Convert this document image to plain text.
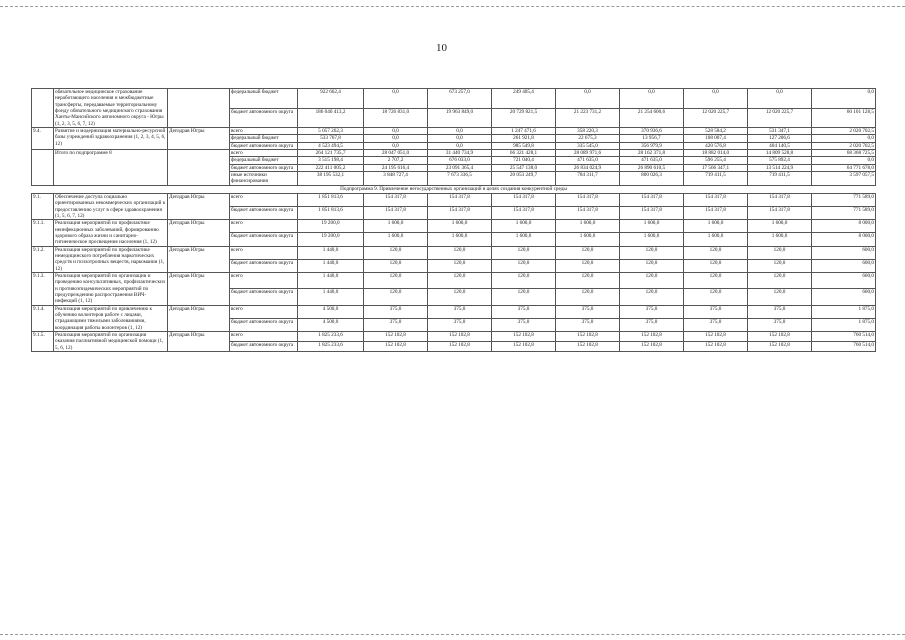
10
	обязательное медицинское страхование неработающего населения и межбюджетные трансферты, передаваемые территориальному фонду обязательного медицинского страхования Ханты-Мансийского автономного округа - Югры (1, 2, 3, 5, 6, 7, 12)		федеральный бюджет	922 662,4	0,0	673 257,0	249 405,4	0,0	0,0	0,0	0,0	0,0
			бюджет автономного округа	186 040 413,2	18 726 831,0	19 963 849,0	20 729 821,5	21 223 731,2	21 254 600,6	12 020 225,7	12 020 225,7	60 101 128,5
9.4.	Развитие и модернизация материально-ресурсной базы учреждений здравоохранения (1, 2, 3, 4, 5, 6, 12)	Депздрав Югры	всего	5 057 262,3	0,0	0,0	1 247 471,6	358 220,3	370 936,6	528 584,2	531 347,1	2 020 702,5
			федеральный бюджет	533 767,8	0,0	0,0	261 921,8	22 675,3	13 956,7	108 007,4	127 206,6	0,0
			бюджет автономного округа	4 523 494,5	0,0	0,0	985 549,8	335 545,0	356 979,9	420 576,8	404 140,5	2 020 702,5
	Итого по подпрограмме 8		всего	264 121 735,7	28 047 051,0	31 440 734,9	66 321 428,1	28 089 971,6	28 162 371,8	18 882 014,0	14 809 528,8	68 368 725,5
			федеральный бюджет	3 515 198,4	2 707,2	676 033,0	721 040,4	471 635,0	471 635,0	596 255,4	575 892,4	0,0
			бюджет автономного округа	222 411 005,2	24 195 616,4	23 091 365,4	25 547 138,0	26 834 024,9	26 890 610,5	17 566 347,1	13 514 224,9	64 771 678,0
			иные источники финансирования	38 195 532,1	3 848 727,4	7 673 336,5	20 053 249,7	784 311,7	800 026,3	719 411,5	719 411,5	3 597 057,5
Подпрограмма 9. Привлечение негосударственных организаций в целях создания конкурентной среды												
9.1.	Обеспечение доступа социально ориентированных некоммерческих организаций к предоставлению услуг в сфере здравоохранения (1, 5, 6, 7, 12)	Депздрав Югры	всего	1 851 813,6	154 317,8	154 317,8	154 317,8	154 317,8	154 317,8	154 317,8	154 317,8	771 589,0
			бюджет автономного округа	1 851 813,6	154 317,8	154 317,8	154 317,8	154 317,8	154 317,8	154 317,8	154 317,8	771 589,0
9.1.1.	Реализация мероприятий по профилактике неинфекционных заболеваний, формированию здорового образа жизни и санитарно-гигиеническое просвещение населения (1, 12)	Депздрав Югры	всего	19 200,0	1 600,0	1 600,0	1 600,0	1 600,0	1 600,0	1 600,0	1 600,0	8 000,0
			бюджет автономного округа	19 200,0	1 600,0	1 600,0	1 600,0	1 600,0	1 600,0	1 600,0	1 600,0	8 000,0
9.1.2.	Реализация мероприятий по профилактике немедицинского потребления наркотических средств и психотропных веществ, наркомании (1, 12)	Депздрав Югры	всего	1 440,0	120,0	120,0	120,0	120,0	120,0	120,0	120,0	600,0
			бюджет автономного округа	1 440,0	120,0	120,0	120,0	120,0	120,0	120,0	120,0	600,0
9.1.3.	Реализация мероприятий по организации и проведению консультативных, профилактических и противоэпидемических мероприятий по предупреждению распространения ВИЧ-инфекций (1, 12)	Депздрав Югры	всего	1 440,0	120,0	120,0	120,0	120,0	120,0	120,0	120,0	600,0
			бюджет автономного округа	1 440,0	120,0	120,0	120,0	120,0	120,0	120,0	120,0	600,0
9.1.4.	Реализация мероприятий по привлечению к обучению волонтеров работе с лицами, страдающими тяжелыми заболеваниями, координация работы волонтеров (1, 12)	Депздрав Югры	всего	4 500,0	375,0	375,0	375,0	375,0	375,0	375,0	375,0	1 875,0
			бюджет автономного округа	4 500,0	375,0	375,0	375,0	375,0	375,0	375,0	375,0	1 875,0
9.1.5.	Реализация мероприятий по организации оказания паллиативной медицинской помощи (1, 5, 6, 12)	Депздрав Югры	всего	1 825 233,6	152 102,8	152 102,8	152 102,8	152 102,8	152 102,8	152 102,8	152 102,8	760 514,0
			бюджет автономного округа	1 825 233,6	152 102,8	152 102,8	152 102,8	152 102,8	152 102,8	152 102,8	152 102,8	760 514,0
